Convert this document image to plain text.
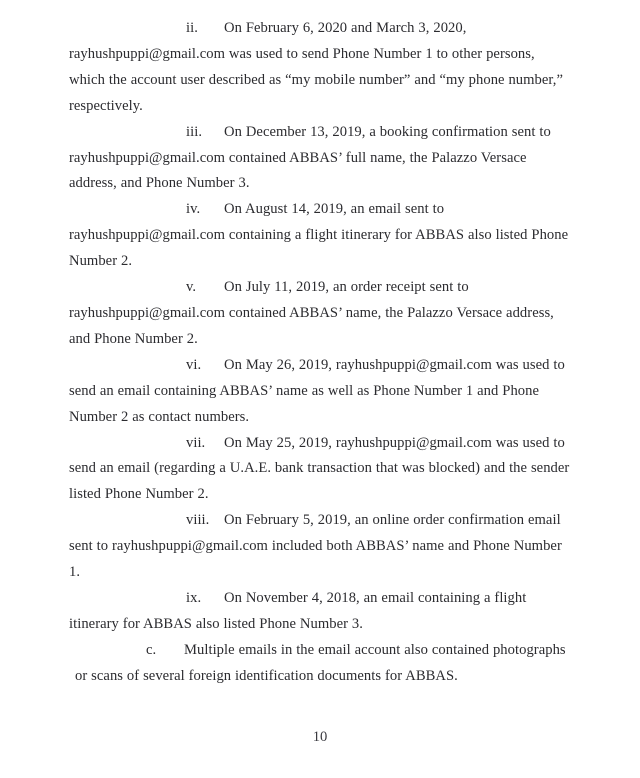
ii. On February 6, 2020 and March 3, 2020, rayhushpuppi@gmail.com was used to send Phone Number 1 to other persons, which the account user described as “my mobile number” and “my phone number,” respectively.

iii. On December 13, 2019, a booking confirmation sent to rayhushpuppi@gmail.com contained ABBAS’ full name, the Palazzo Versace address, and Phone Number 3.

iv. On August 14, 2019, an email sent to rayhushpuppi@gmail.com containing a flight itinerary for ABBAS also listed Phone Number 2.

v. On July 11, 2019, an order receipt sent to rayhushpuppi@gmail.com contained ABBAS’ name, the Palazzo Versace address, and Phone Number 2.

vi. On May 26, 2019, rayhushpuppi@gmail.com was used to send an email containing ABBAS’ name as well as Phone Number 1 and Phone Number 2 as contact numbers.

vii. On May 25, 2019, rayhushpuppi@gmail.com was used to send an email (regarding a U.A.E. bank transaction that was blocked) and the sender listed Phone Number 2.

viii. On February 5, 2019, an online order confirmation email sent to rayhushpuppi@gmail.com included both ABBAS’ name and Phone Number 1.

ix. On November 4, 2018, an email containing a flight itinerary for ABBAS also listed Phone Number 3.

c. Multiple emails in the email account also contained photographs or scans of several foreign identification documents for ABBAS.

10
